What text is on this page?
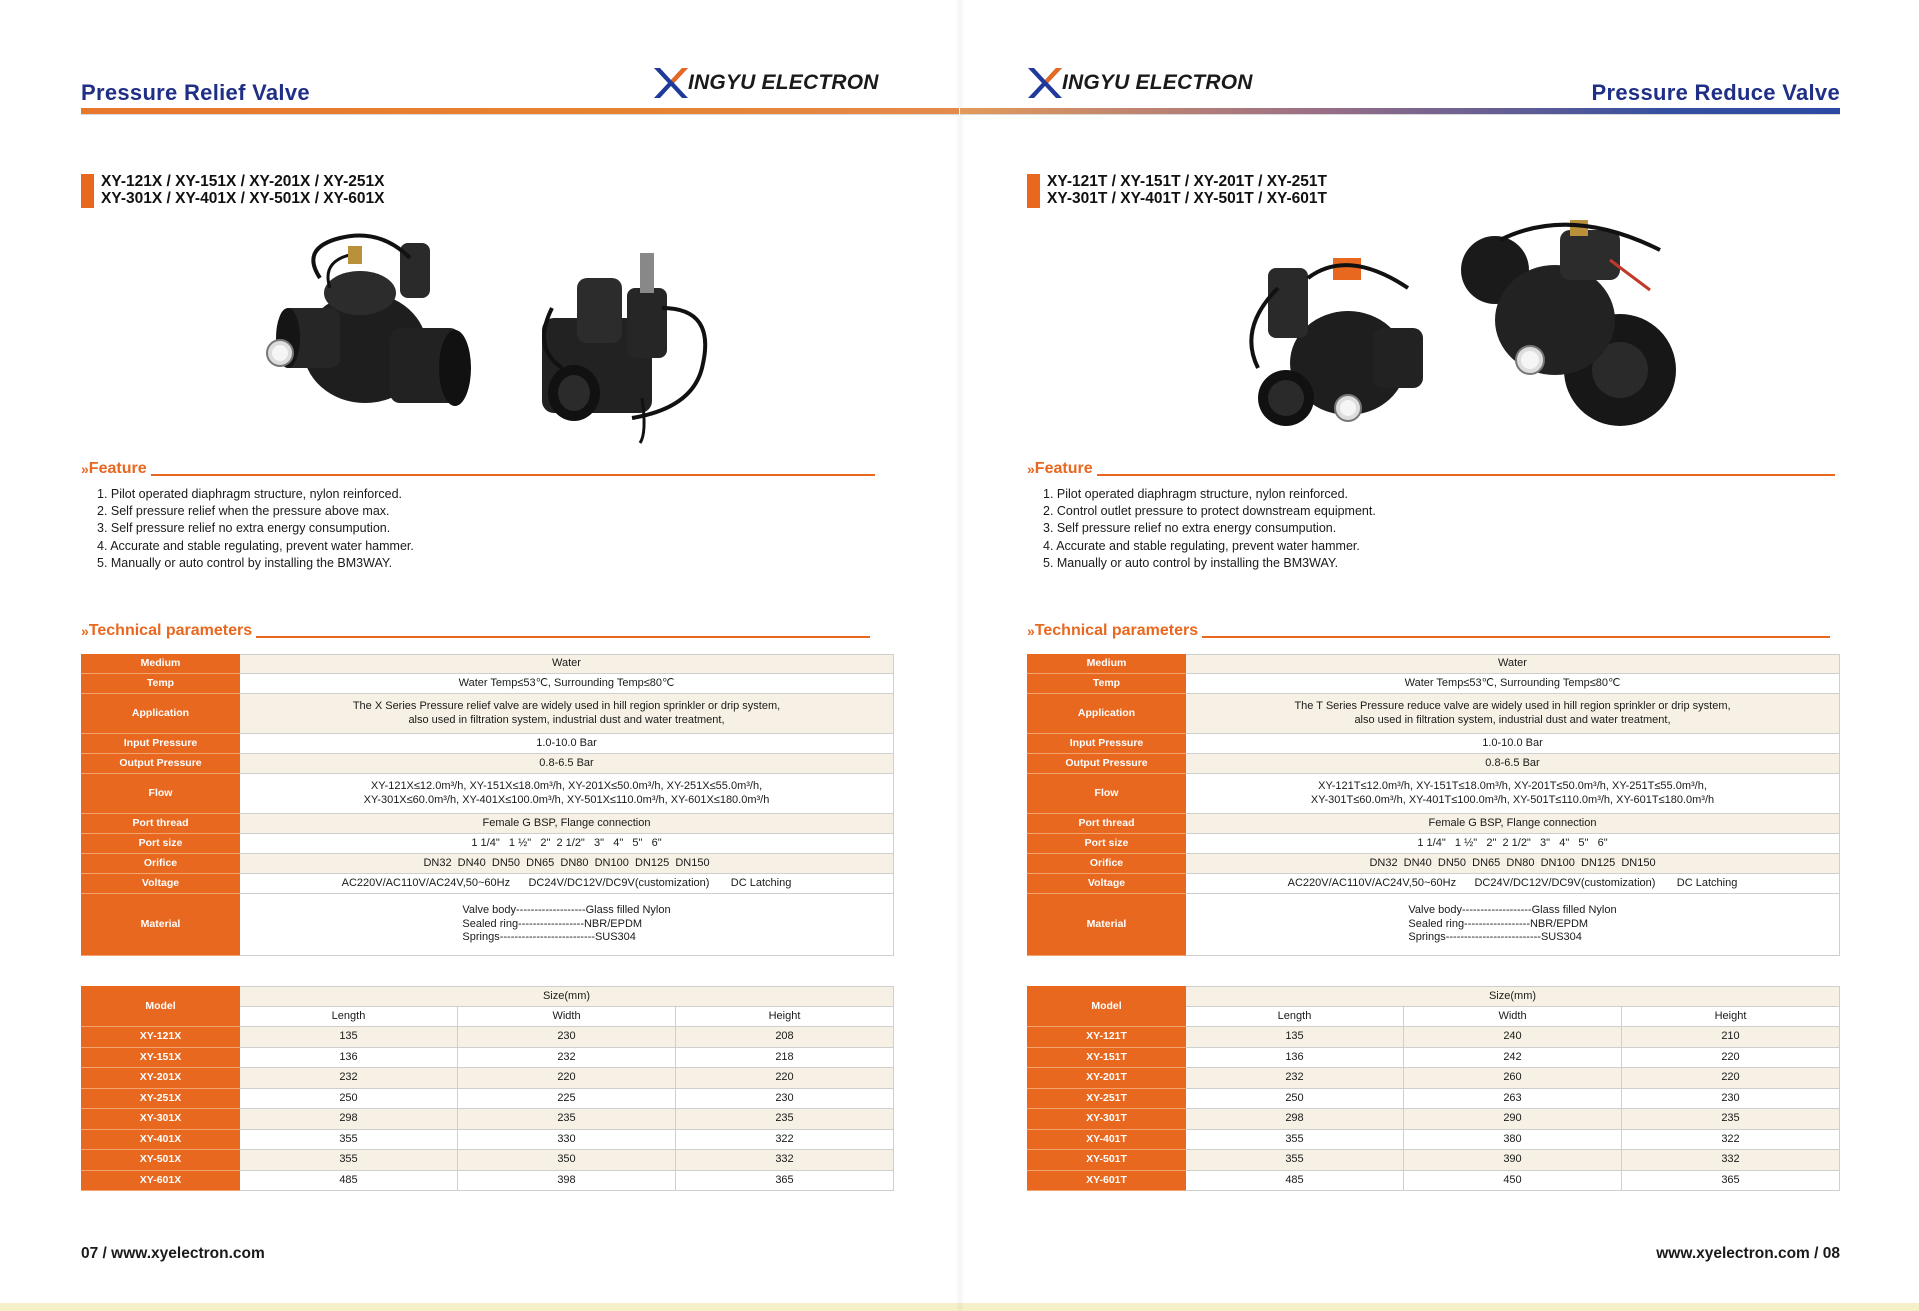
Pressure Relief Valve	INGYU ELECTRON
XY-121X / XY-151X / XY-201X / XY-251X
XY-301X / XY-401X / XY-501X / XY-601X
» Feature
1. Pilot operated diaphragm structure, nylon reinforced.
2. Self pressure relief when the pressure above max.
3. Self pressure relief no extra energy consumpution.
4. Accurate and stable regulating, prevent water hammer.
5. Manually or auto control by installing the BM3WAY.
» Technical parameters
Medium	Water
Temp	Water Temp≤53℃, Surrounding Temp≤80℃
Application	The X Series Pressure relief valve are widely used in hill region sprinkler or drip system,
also used in filtration system, industrial dust and water treatment,

Input Pressure	1.0-10.0 Bar
Output Pressure	0.8-6.5 Bar
Flow	XY-121X≤12.0m³/h, XY-151X≤18.0m³/h, XY-201X≤50.0m³/h, XY-251X≤55.0m³/h,
XY-301X≤60.0m³/h, XY-401X≤100.0m³/h, XY-501X≤110.0m³/h, XY-601X≤180.0m³/h

Port thread	Female G BSP, Flange connection
Port size	1 1/4"   1 ½"   2"  2 1/2"   3"   4"   5"   6"
Orifice	DN32  DN40  DN50  DN65  DN80  DN100  DN125  DN150
Voltage	AC220V/AC110V/AC24V,50~60Hz      DC24V/DC12V/DC9V(customization)       DC Latching
Material	Valve body-------------------Glass filled Nylon
Sealed ring------------------NBR/EPDM
Springs--------------------------SUS304
Model	Size(mm)		
	Length	Width	Height
XY-121X	135	230	208
XY-151X	136	232	218
XY-201X	232	220	220
XY-251X	250	225	230
XY-301X	298	235	235
XY-401X	355	330	322
XY-501X	355	350	332
XY-601X	485	398	365
07 / www.xyelectron.com
Pressure Reduce Valve
INGYU ELECTRON
XY-121T / XY-151T / XY-201T / XY-251T
XY-301T / XY-401T / XY-501T / XY-601T
» Feature
1. Pilot operated diaphragm structure, nylon reinforced.
2. Control outlet pressure to protect downstream equipment.
3. Self pressure relief no extra energy consumpution.
4. Accurate and stable regulating, prevent water hammer.
5. Manually or auto control by installing the BM3WAY.
» Technical parameters
Medium	Water
Temp	Water Temp≤53℃, Surrounding Temp≤80℃
Application	The T Series Pressure reduce valve are widely used in hill region sprinkler or drip system,
also used in filtration system, industrial dust and water treatment,

Input Pressure	1.0-10.0 Bar
Output Pressure	0.8-6.5 Bar
Flow	XY-121T≤12.0m³/h, XY-151T≤18.0m³/h, XY-201T≤50.0m³/h, XY-251T≤55.0m³/h,
XY-301T≤60.0m³/h, XY-401T≤100.0m³/h, XY-501T≤110.0m³/h, XY-601T≤180.0m³/h

Port thread	Female G BSP, Flange connection
Port size	1 1/4"   1 ½"   2"  2 1/2"   3"   4"   5"   6"
Orifice	DN32  DN40  DN50  DN65  DN80  DN100  DN125  DN150
Voltage	AC220V/AC110V/AC24V,50~60Hz      DC24V/DC12V/DC9V(customization)       DC Latching
Material	Valve body-------------------Glass filled Nylon
Sealed ring------------------NBR/EPDM
Springs--------------------------SUS304
Model	Size(mm)		
	Length	Width	Height
XY-121T	135	240	210
XY-151T	136	242	220
XY-201T	232	260	220
XY-251T	250	263	230
XY-301T	298	290	235
XY-401T	355	380	322
XY-501T	355	390	332
XY-601T	485	450	365
www.xyelectron.com / 08
